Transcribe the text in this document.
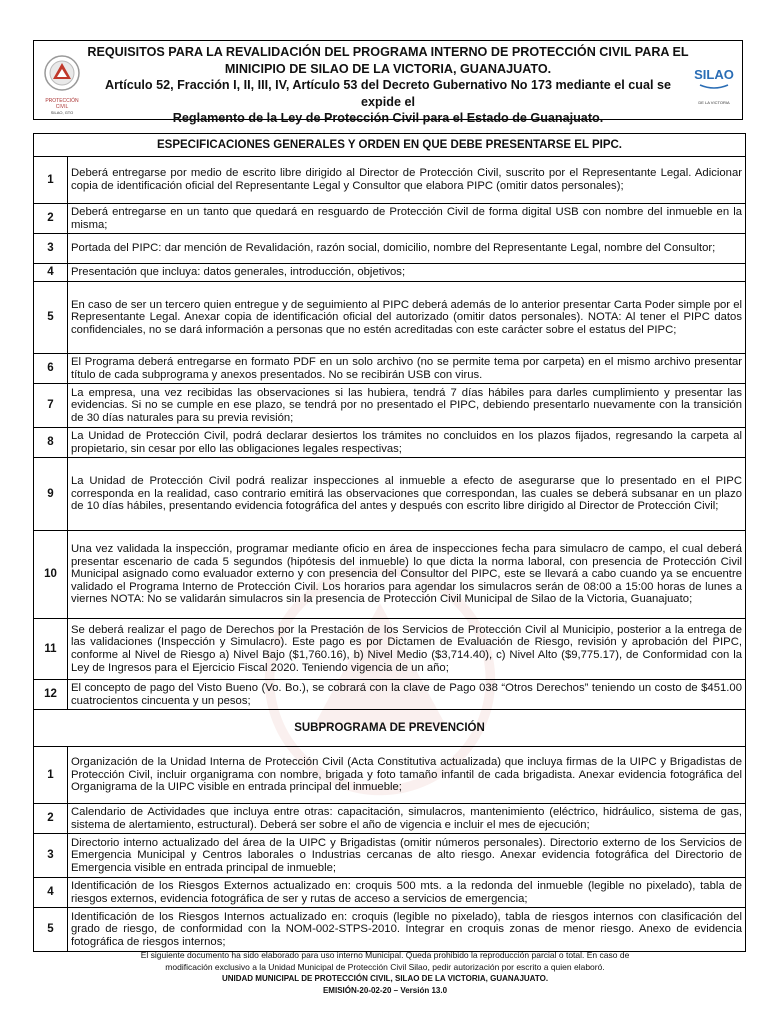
PROTECCIÓN CIVIL
SILAO, GTO
REQUISITOS PARA LA REVALIDACIÓN DEL PROGRAMA INTERNO DE PROTECCIÓN CIVIL PARA EL MINICIPIO DE SILAO DE LA VICTORIA, GUANAJUATO.
Artículo 52, Fracción I, II, III, IV, Artículo 53 del Decreto Gubernativo No 173 mediante el cual se expide el
Reglamento de la Ley de Protección Civil para el Estado de Guanajuato.
SILAO
DE LA VICTORIA
ESPECIFICACIONES GENERALES Y ORDEN EN QUE DEBE PRESENTARSE EL PIPC.	
1	Deberá entregarse por medio de escrito libre dirigido al Director de Protección Civil, suscrito por el Representante Legal. Adicionar copia de identificación oficial del Representante Legal y Consultor que elabora PIPC (omitir datos personales);
2	Deberá entregarse en un tanto que quedará en resguardo de Protección Civil de forma digital USB con nombre del inmueble en la misma;
3	Portada del PIPC: dar mención de Revalidación, razón social, domicilio, nombre del Representante Legal, nombre del Consultor;
4	Presentación que incluya: datos generales, introducción, objetivos;
5	En caso de ser un tercero quien entregue y de seguimiento al PIPC deberá además de lo anterior presentar Carta Poder simple por el Representante Legal. Anexar copia de identificación oficial del autorizado (omitir datos personales). NOTA: Al tener el PIPC datos confidenciales, no se dará información a personas que no estén acreditadas con este carácter sobre el estatus del PIPC;
6	El Programa deberá entregarse en formato PDF en un solo archivo (no se permite tema por carpeta) en el mismo archivo presentar título de cada subprograma y anexos presentados. No se recibirán USB con virus.
7	La empresa, una vez recibidas las observaciones si las hubiera, tendrá 7 días hábiles para darles cumplimiento y presentar las evidencias. Si no se cumple en ese plazo, se tendrá por no presentado el PIPC, debiendo presentarlo nuevamente con la transición de 30 días naturales para su previa revisión;
8	La Unidad de Protección Civil, podrá declarar desiertos los trámites no concluidos en los plazos fijados, regresando la carpeta al propietario, sin cesar por ello las obligaciones legales respectivas;
9	La Unidad de Protección Civil podrá realizar inspecciones al inmueble a efecto de asegurarse que lo presentado en el PIPC corresponda en la realidad, caso contrario emitirá las observaciones que correspondan, las cuales se deberá subsanar en un plazo de 10 días hábiles, presentando evidencia fotográfica del antes y después con escrito libre dirigido al Director de Protección Civil;
10	Una vez validada la inspección, programar mediante oficio en área de inspecciones fecha para simulacro de campo, el cual deberá presentar escenario de cada 5 segundos (hipótesis del inmueble) lo que dicta la norma laboral, con presencia de Protección Civil Municipal asignado como evaluador externo y con presencia del Consultor del PIPC, este se llevará a cabo cuando ya se encuentre validado el Programa Interno de Protección Civil. Los horarios para agendar los simulacros serán de 08:00 a 15:00 horas de lunes a viernes NOTA: No se validarán simulacros sin la presencia de Protección Civil Municipal de Silao de la Victoria, Guanajuato;
11	Se deberá realizar el pago de Derechos por la Prestación de los Servicios de Protección Civil al Municipio, posterior a la entrega de las validaciones (Inspección y Simulacro). Este pago es por Dictamen de Evaluación de Riesgo, revisión y aprobación del PIPC, conforme al Nivel de Riesgo a) Nivel Bajo ($1,760.16), b) Nivel Medio ($3,714.40), c) Nivel Alto ($9,775.17), de Conformidad con la Ley de Ingresos para el Ejercicio Fiscal 2020. Teniendo vigencia de un año;
12	El concepto de pago del Visto Bueno (Vo. Bo.), se cobrará con la clave de Pago 038 “Otros Derechos” teniendo un costo de $451.00 cuatrocientos cincuenta y un pesos;
SUBPROGRAMA DE PREVENCIÓN	
1	Organización de la Unidad Interna de Protección Civil (Acta Constitutiva actualizada) que incluya firmas de la UIPC y Brigadistas de Protección Civil, incluir organigrama con nombre, brigada y foto tamaño infantil de cada brigadista. Anexar evidencia fotográfica del Organigrama de la UIPC visible en entrada principal del inmueble;
2	Calendario de Actividades que incluya entre otras: capacitación, simulacros, mantenimiento (eléctrico, hidráulico, sistema de gas, sistema de alertamiento, estructural). Deberá ser sobre el año de vigencia e incluir el mes de ejecución;
3	Directorio interno actualizado del área de la UIPC y Brigadistas (omitir números personales). Directorio externo de los Servicios de Emergencia Municipal y Centros laborales o Industrias cercanas de alto riesgo. Anexar evidencia fotográfica del Directorio de Emergencia visible en entrada principal de inmueble;
4	Identificación de los Riesgos Externos actualizado en: croquis 500 mts. a la redonda del inmueble (legible no pixelado), tabla de riesgos externos, evidencia fotográfica de ser y rutas de acceso a servicios de emergencia;
5	Identificación de los Riesgos Internos actualizado en: croquis (legible no pixelado), tabla de riesgos internos con clasificación del grado de riesgo, de conformidad con la NOM-002-STPS-2010. Integrar en croquis zonas de menor riesgo. Anexo de evidencia fotográfica de riesgos internos;
El siguiente documento ha sido elaborado para uso interno Municipal. Queda prohibido la reproducción parcial o total. En caso de
modificación exclusivo a la Unidad Municipal de Protección Civil Silao, pedir autorización por escrito a quien elaboró.
UNIDAD MUNICIPAL DE PROTECCIÓN CIVIL, SILAO DE LA VICTORIA, GUANAJUATO.
EMISIÓN-20-02-20 – Versión 13.0
